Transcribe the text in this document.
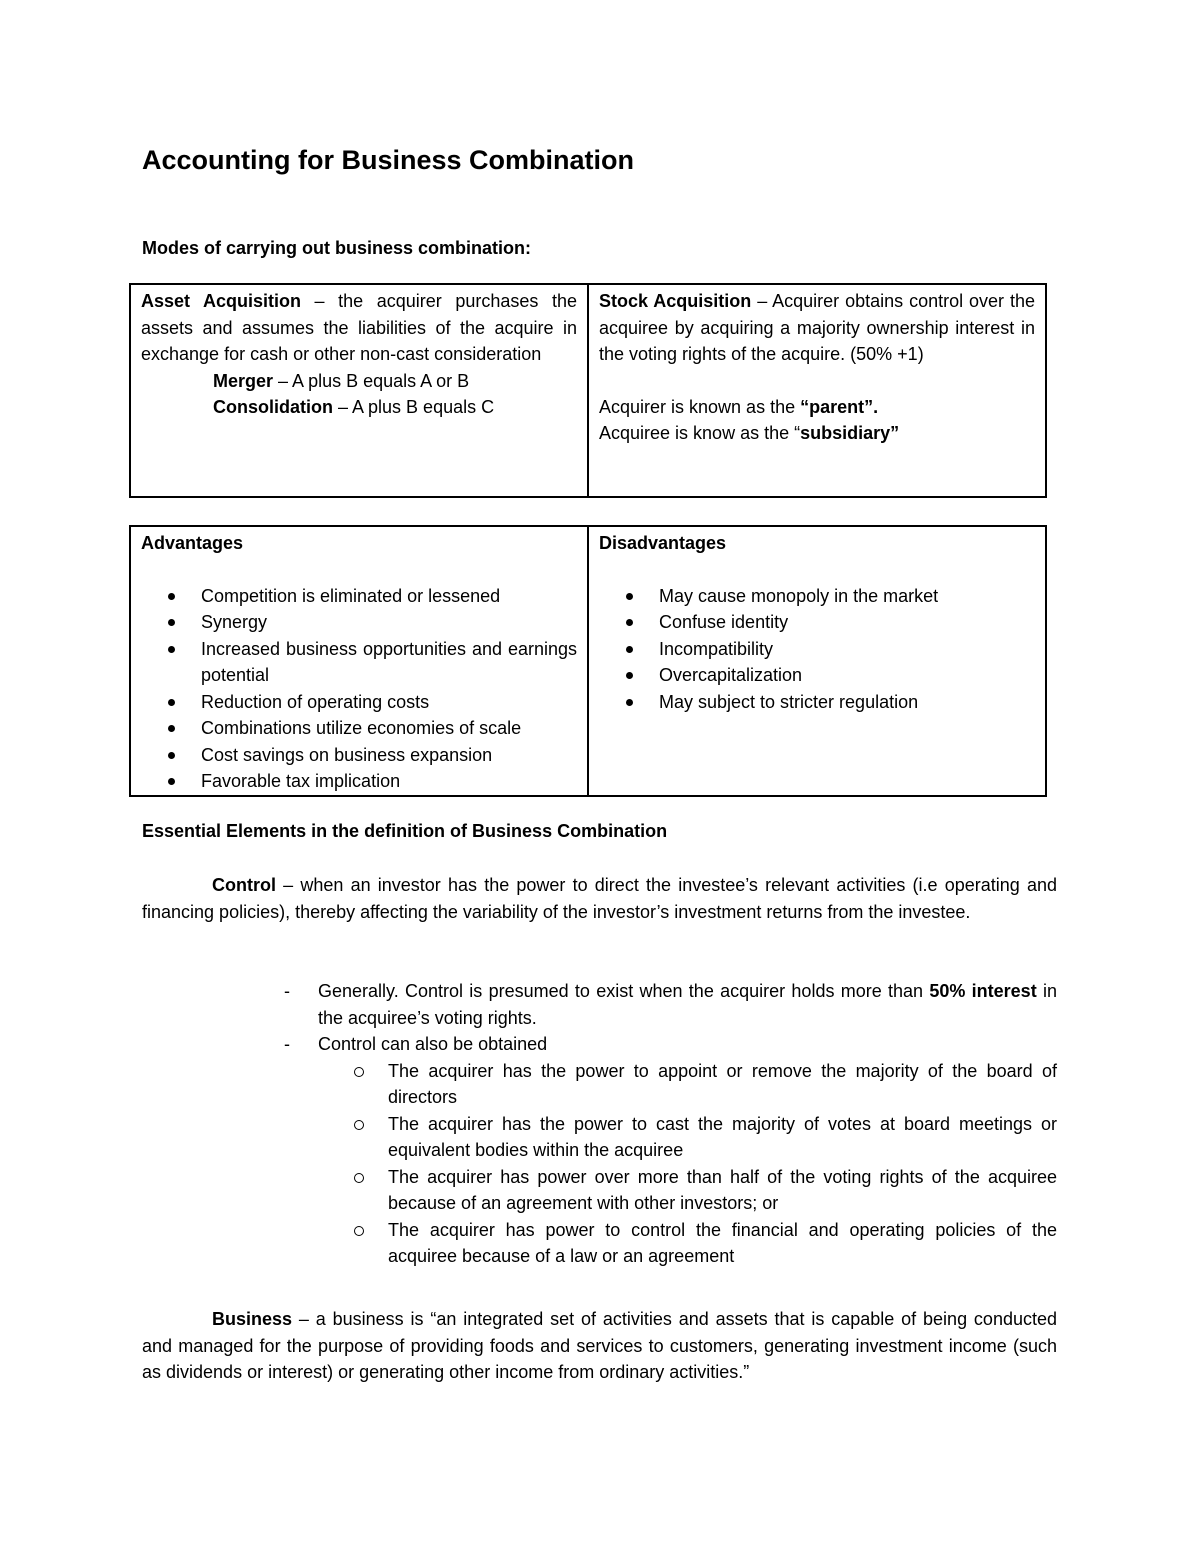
Accounting for Business Combination

Modes of carrying out business combination:

Asset Acquisition – the acquirer purchases the assets and assumes the liabilities of the acquire in exchange for cash or other non-cast consideration
Merger – A plus B equals A or B
Consolidation – A plus B equals C

Stock Acquisition – Acquirer obtains control over the acquiree by acquiring a majority ownership interest in the voting rights of the acquire. (50% +1)
Acquirer is known as the “parent”.
Acquiree is know as the “subsidiary”
Advantages
Competition is eliminated or lessened
Synergy
Increased business opportunities and earnings potential
Reduction of operating costs
Combinations utilize economies of scale
Cost savings on business expansion
Favorable tax implication
	Disadvantages
May cause monopoly in the market
Confuse identity
Incompatibility
Overcapitalization
May subject to stricter regulation

Essential Elements in the definition of Business Combination

Control – when an investor has the power to direct the investee’s relevant activities (i.e operating and financing policies), thereby affecting the variability of the investor’s investment returns from the investee.

- Generally. Control is presumed to exist when the acquirer holds more than 50% interest in the acquiree’s voting rights.
- Control can also be obtained
The acquirer has the power to appoint or remove the majority of the board of directors
The acquirer has the power to cast the majority of votes at board meetings or equivalent bodies within the acquiree
The acquirer has power over more than half of the voting rights of the acquiree because of an agreement with other investors; or
The acquirer has power to control the financial and operating policies of the acquiree because of a law or an agreement

Business – a business is “an integrated set of activities and assets that is capable of being conducted and managed for the purpose of providing foods and services to customers, generating investment income (such as dividends or interest) or generating other income from ordinary activities.”
